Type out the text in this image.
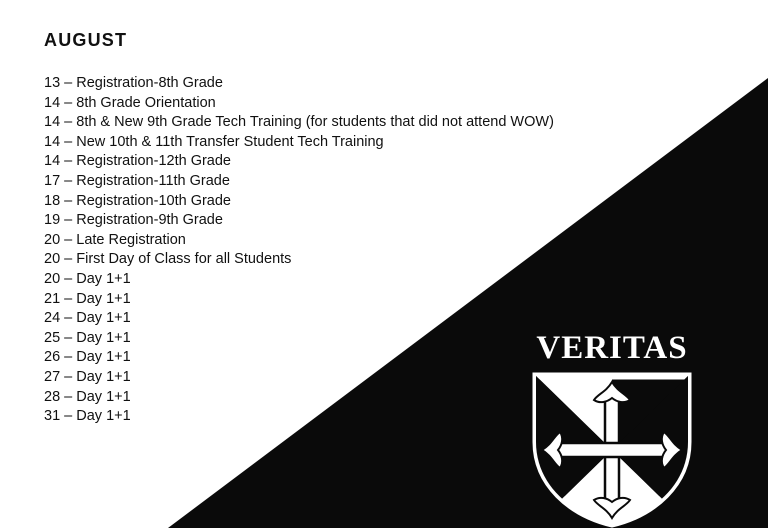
AUGUST
13 – Registration-8th Grade
14 – 8th Grade Orientation
14 – 8th & New 9th Grade Tech Training (for students that did not attend WOW)
14 – New 10th & 11th Transfer Student Tech Training
14 – Registration-12th Grade
17 – Registration-11th Grade
18 – Registration-10th Grade
19 – Registration-9th Grade
20 – Late Registration
20 – First Day of Class for all Students
20 – Day 1+1
21 – Day 1+1
24 – Day 1+1
25 – Day 1+1
26 – Day 1+1
27 – Day 1+1
28 – Day 1+1
31 – Day 1+1
VERITAS
